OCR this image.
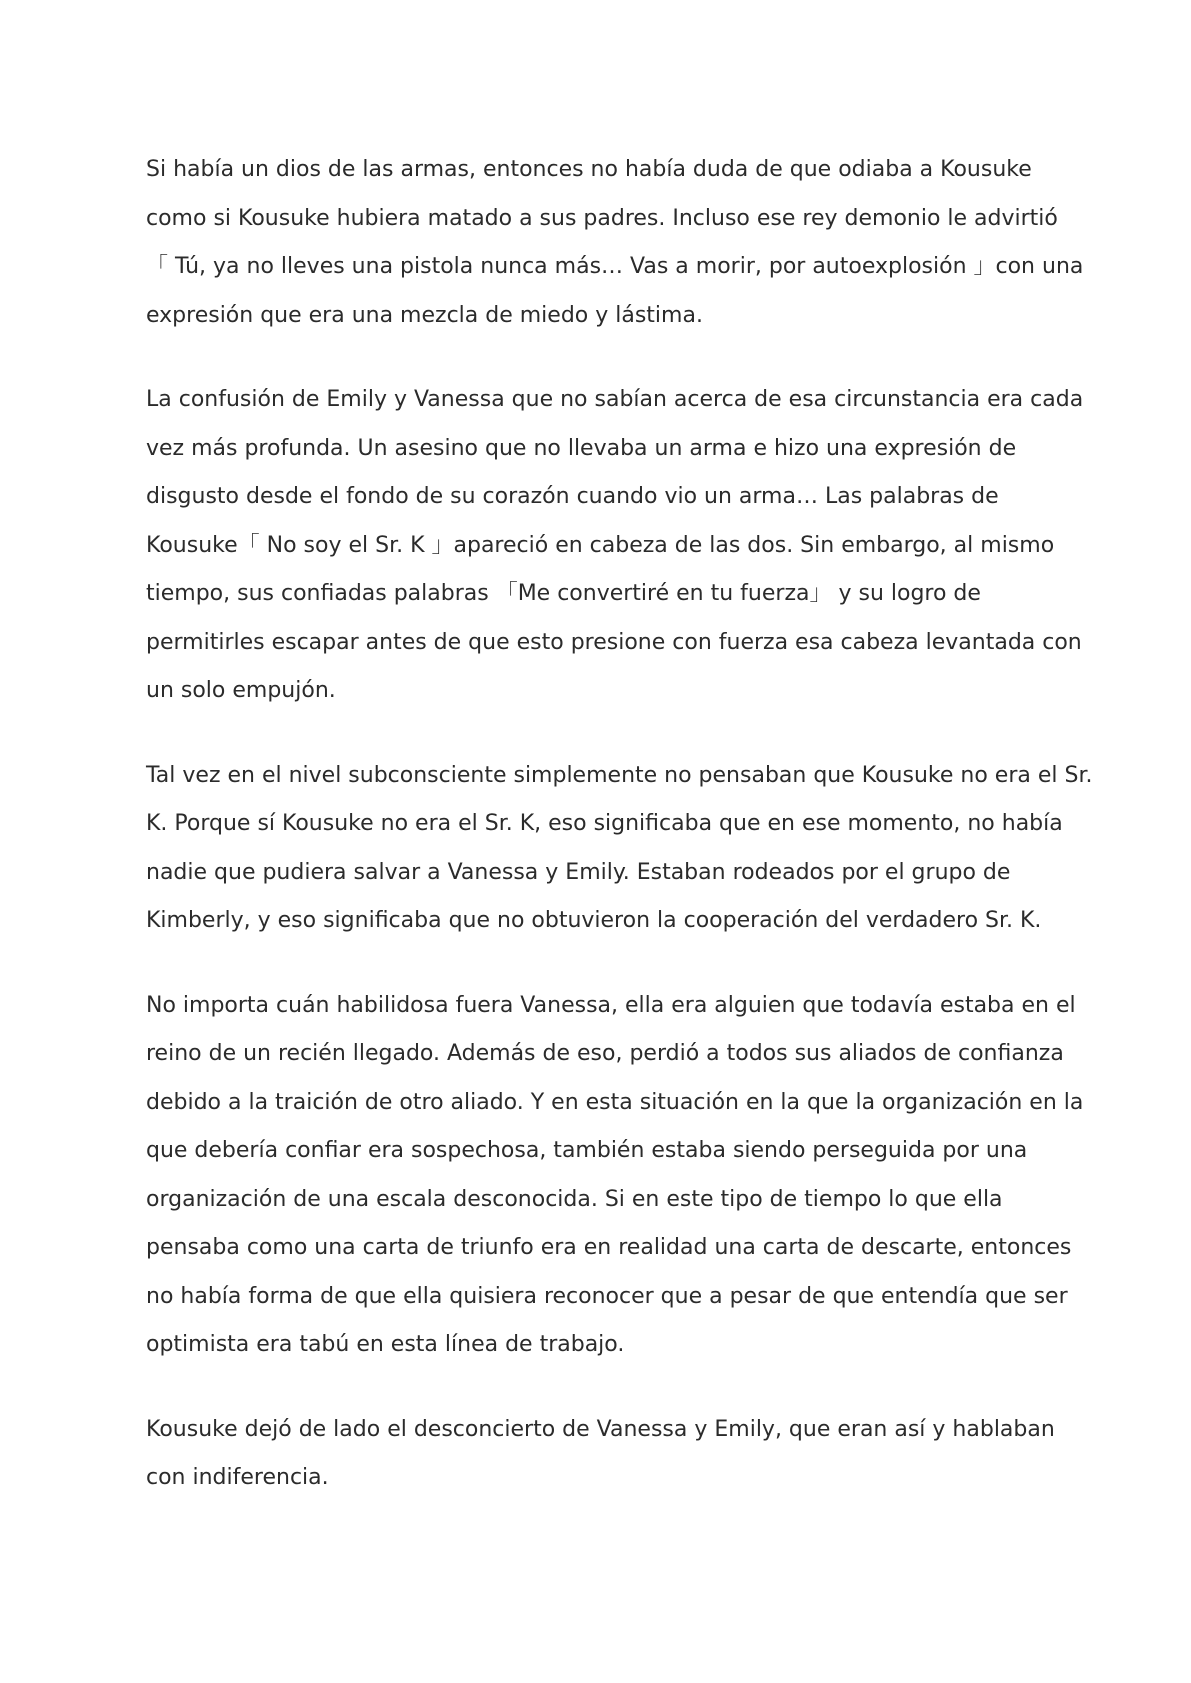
Si había un dios de las armas, entonces no había duda de que odiaba a Kousuke
como si Kousuke hubiera matado a sus padres. Incluso ese rey demonio le advirtió
「 Tú, ya no lleves una pistola nunca más… Vas a morir, por autoexplosión 」con una
expresión que era una mezcla de miedo y lástima.

La confusión de Emily y Vanessa que no sabían acerca de esa circunstancia era cada
vez más profunda. Un asesino que no llevaba un arma e hizo una expresión de
disgusto desde el fondo de su corazón cuando vio un arma… Las palabras de
Kousuke「 No soy el Sr. K 」apareció en cabeza de las dos. Sin embargo, al mismo
tiempo, sus confiadas palabras 「Me convertiré en tu fuerza」 y su logro de
permitirles escapar antes de que esto presione con fuerza esa cabeza levantada con
un solo empujón.

Tal vez en el nivel subconsciente simplemente no pensaban que Kousuke no era el Sr.
K. Porque sí Kousuke no era el Sr. K, eso significaba que en ese momento, no había
nadie que pudiera salvar a Vanessa y Emily. Estaban rodeados por el grupo de
Kimberly, y eso significaba que no obtuvieron la cooperación del verdadero Sr. K.

No importa cuán habilidosa fuera Vanessa, ella era alguien que todavía estaba en el
reino de un recién llegado. Además de eso, perdió a todos sus aliados de confianza
debido a la traición de otro aliado. Y en esta situación en la que la organización en la
que debería confiar era sospechosa, también estaba siendo perseguida por una
organización de una escala desconocida. Si en este tipo de tiempo lo que ella
pensaba como una carta de triunfo era en realidad una carta de descarte, entonces
no había forma de que ella quisiera reconocer que a pesar de que entendía que ser
optimista era tabú en esta línea de trabajo.

Kousuke dejó de lado el desconcierto de Vanessa y Emily, que eran así y hablaban
con indiferencia.
